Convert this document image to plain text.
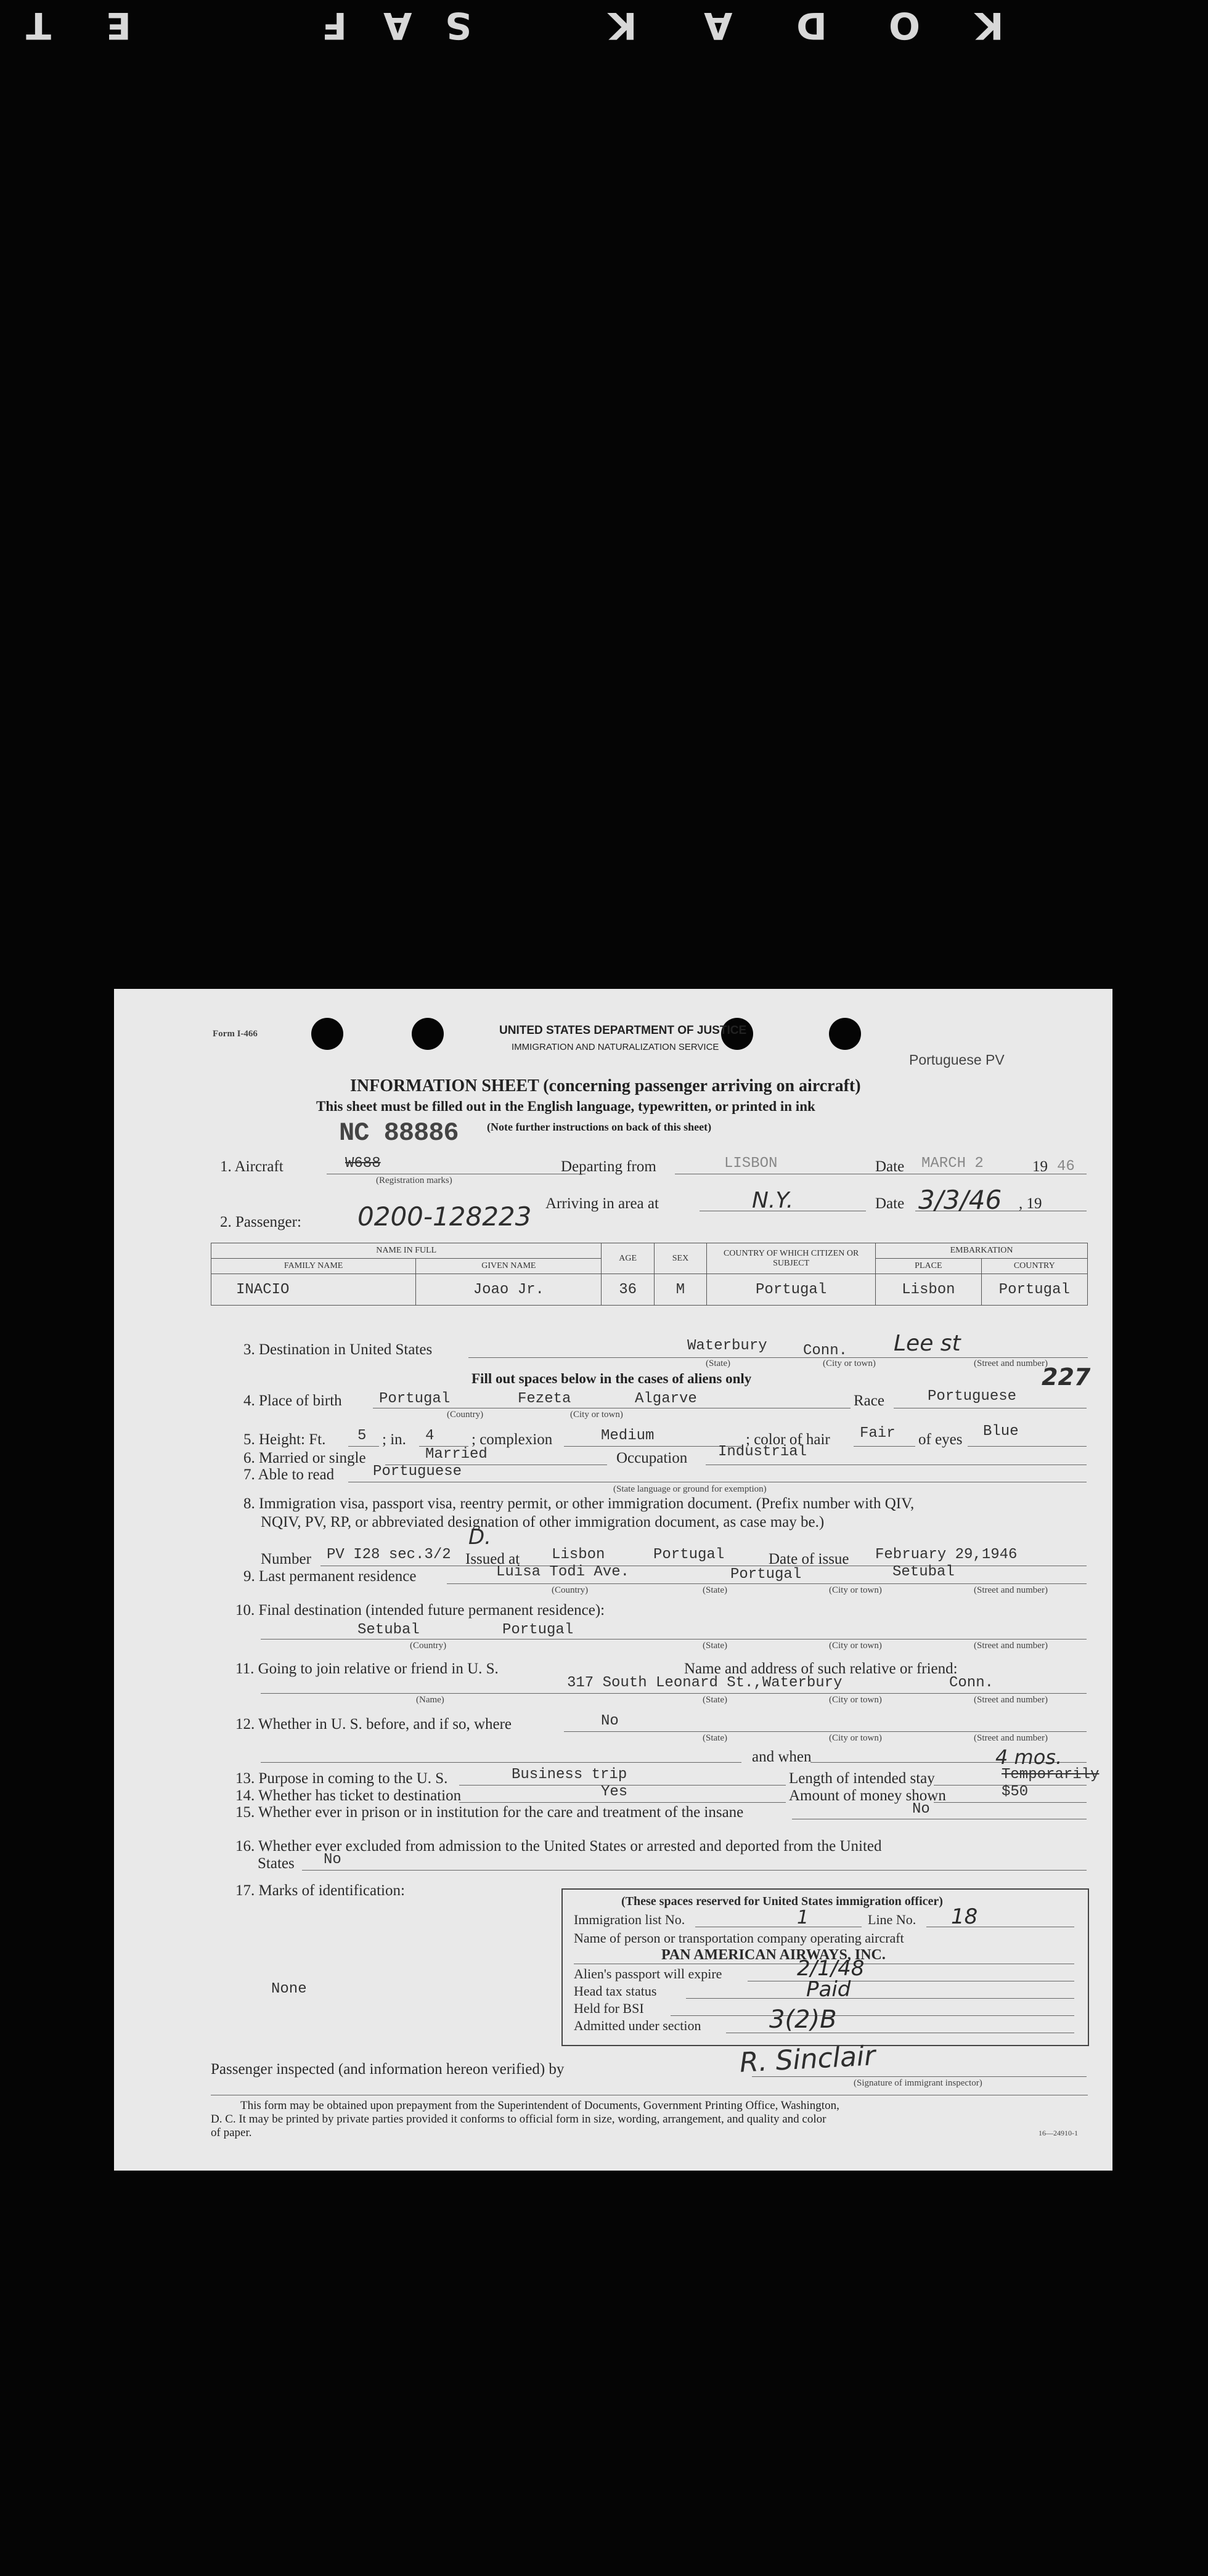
T E	F A S	K A D O K
Form I-466	UNITED STATES DEPARTMENT OF JUSTICE
IMMIGRATION AND NATURALIZATION SERVICE
Portuguese PV
INFORMATION SHEET (concerning passenger arriving on aircraft)
This sheet must be filled out in the English language, typewritten, or printed in ink
NC 88886	(Note further instructions on back of this sheet)
1. Aircraft	W688
(Registration marks)
Departing from	LISBON	Date MARCH 2	19 46
2. Passenger: 0200-128223 Arriving in area at	N.Y.	Date 3/3/46 , 19
NAME IN FULL		AGE	SEX	COUNTRY OF WHICH CITIZEN OR SUBJECT	EMBARKATION	
FAMILY NAME	GIVEN NAME				PLACE	COUNTRY
INACIO	Joao Jr.	36	M	Portugal	Lisbon	Portugal
3. Destination in United States	Waterbury Conn. Lee st
227
(State)	(City or town)	(Street and number)
Fill out spaces below in the cases of aliens only
4. Place of birth	Portugal	Fezeta	Algarve	Race	Portuguese
(Country)	(City or town)
5. Height: Ft. 5 ; in. 4 ; complexion	Medium	; color of hair Fair of eyes Blue
6. Married or single	Married	Occupation Industrial
7. Able to read	Portuguese
(State language or ground for exemption)
8. Immigration visa, passport visa, reentry permit, or other immigration document. (Prefix number with QIV,
NQIV, PV, RP, or abbreviated designation of other immigration document, as case may be.)
Number PV I28 sec.3/2
D.
Issued at Lisbon	Portugal	Date of issue February 29,1946
9. Last permanent residence	Luisa Todi Ave.	Portugal	Setubal
(Country)	(State)	(City or town)	(Street and number)
10. Final destination (intended future permanent residence):
Setubal	Portugal
(Country)	(State)	(City or town)	(Street and number)
11. Going to join relative or friend in U. S.	Name and address of such relative or friend:
317 South Leonard St.,Waterbury	Conn.
(Name)	(State)	(City or town)	(Street and number)
12. Whether in U. S. before, and if so, where	No
(State)	(City or town)	(Street and number)
and when
13. Purpose in coming to the U. S.	Business trip	Length of intended stay
4 mos.
Temporarily
14. Whether has ticket to destination	Yes	Amount of money shown	$50
15. Whether ever in prison or in institution for the care and treatment of the insane	No
16. Whether ever excluded from admission to the United States or arrested and deported from the United
States No
17. Marks of identification:
None
(These spaces reserved for United States immigration officer)
Immigration list No.	1	Line No. 18
Name of person or transportation company operating aircraft
PAN AMERICAN AIRWAYS, INC.
Alien's passport will expire	2/1/48
Head tax status	Paid
Held for BSI
Admitted under section	3(2)B
Passenger inspected (and information hereon verified) by	R. Sinclair
(Signature of immigrant inspector)
This form may be obtained upon prepayment from the Superintendent of Documents, Government Printing Office, Washington,
D. C. It may be printed by private parties provided it conforms to official form in size, wording, arrangement, and quality and color
of paper.	16—24910-1
